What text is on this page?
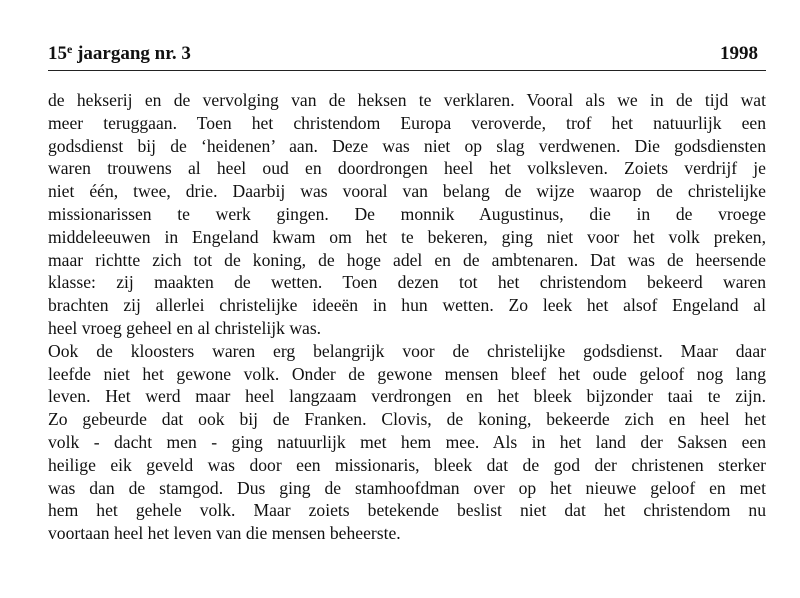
15e jaargang nr. 3	1998
de hekserij en de vervolging van de heksen te verklaren. Vooral als we in de tijd wat
meer teruggaan. Toen het christendom Europa veroverde, trof het natuurlijk een
godsdienst bij de ‘heidenen’ aan. Deze was niet op slag verdwenen. Die godsdiensten
waren trouwens al heel oud en doordrongen heel het volksleven. Zoiets verdrijf je
niet één, twee, drie. Daarbij was vooral van belang de wijze waarop de christelijke
missionarissen te werk gingen. De monnik Augustinus, die in de vroege
middeleeuwen in Engeland kwam om het te bekeren, ging niet voor het volk preken,
maar richtte zich tot de koning, de hoge adel en de ambtenaren. Dat was de heersende
klasse: zij maakten de wetten. Toen dezen tot het christendom bekeerd waren
brachten zij allerlei christelijke ideeën in hun wetten. Zo leek het alsof Engeland al
heel vroeg geheel en al christelijk was.
Ook de kloosters waren erg belangrijk voor de christelijke godsdienst. Maar daar
leefde niet het gewone volk. Onder de gewone mensen bleef het oude geloof nog lang
leven. Het werd maar heel langzaam verdrongen en het bleek bijzonder taai te zijn.
Zo gebeurde dat ook bij de Franken. Clovis, de koning, bekeerde zich en heel het
volk - dacht men - ging natuurlijk met hem mee. Als in het land der Saksen een
heilige eik geveld was door een missionaris, bleek dat de god der christenen sterker
was dan de stamgod. Dus ging de stamhoofdman over op het nieuwe geloof en met
hem het gehele volk. Maar zoiets betekende beslist niet dat het christendom nu
voortaan heel het leven van die mensen beheerste.
